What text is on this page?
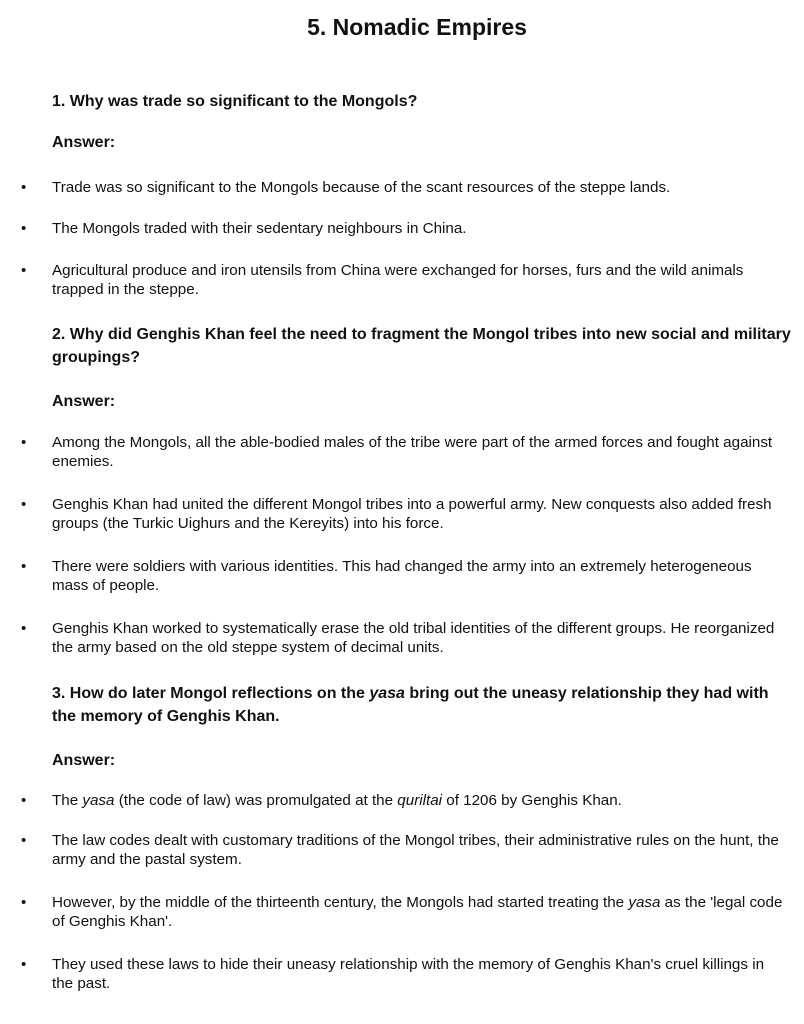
5. Nomadic Empires

1. Why was trade so significant to the Mongols?

Answer:

•	Trade was so significant to the Mongols because of the scant resources of the steppe lands.
•	The Mongols traded with their sedentary neighbours in China.
•	Agricultural produce and iron utensils from China were exchanged for horses, furs and the wild animals trapped in the steppe.

2. Why did Genghis Khan feel the need to fragment the Mongol tribes into new social and military groupings?

Answer:

•	Among the Mongols, all the able-bodied males of the tribe were part of the armed forces and fought against enemies.
•	Genghis Khan had united the different Mongol tribes into a powerful army. New conquests also added fresh groups (the Turkic Uighurs and the Kereyits) into his force.
•	There were soldiers with various identities. This had changed the army into an extremely heterogeneous mass of people.
•	Genghis Khan worked to systematically erase the old tribal identities of the different groups. He reorganized the army based on the old steppe system of decimal units.

3. How do later Mongol reflections on the yasa bring out the uneasy relationship they had with the memory of Genghis Khan.

Answer:

•	The yasa (the code of law) was promulgated at the quriltai of 1206 by Genghis Khan.
•	The law codes dealt with customary traditions of the Mongol tribes, their administrative rules on the hunt, the army and the pastal system.
•	However, by the middle of the thirteenth century, the Mongols had started treating the yasa as the 'legal code of Genghis Khan'.
•	They used these laws to hide their uneasy relationship with the memory of Genghis Khan's cruel killings in the past.
